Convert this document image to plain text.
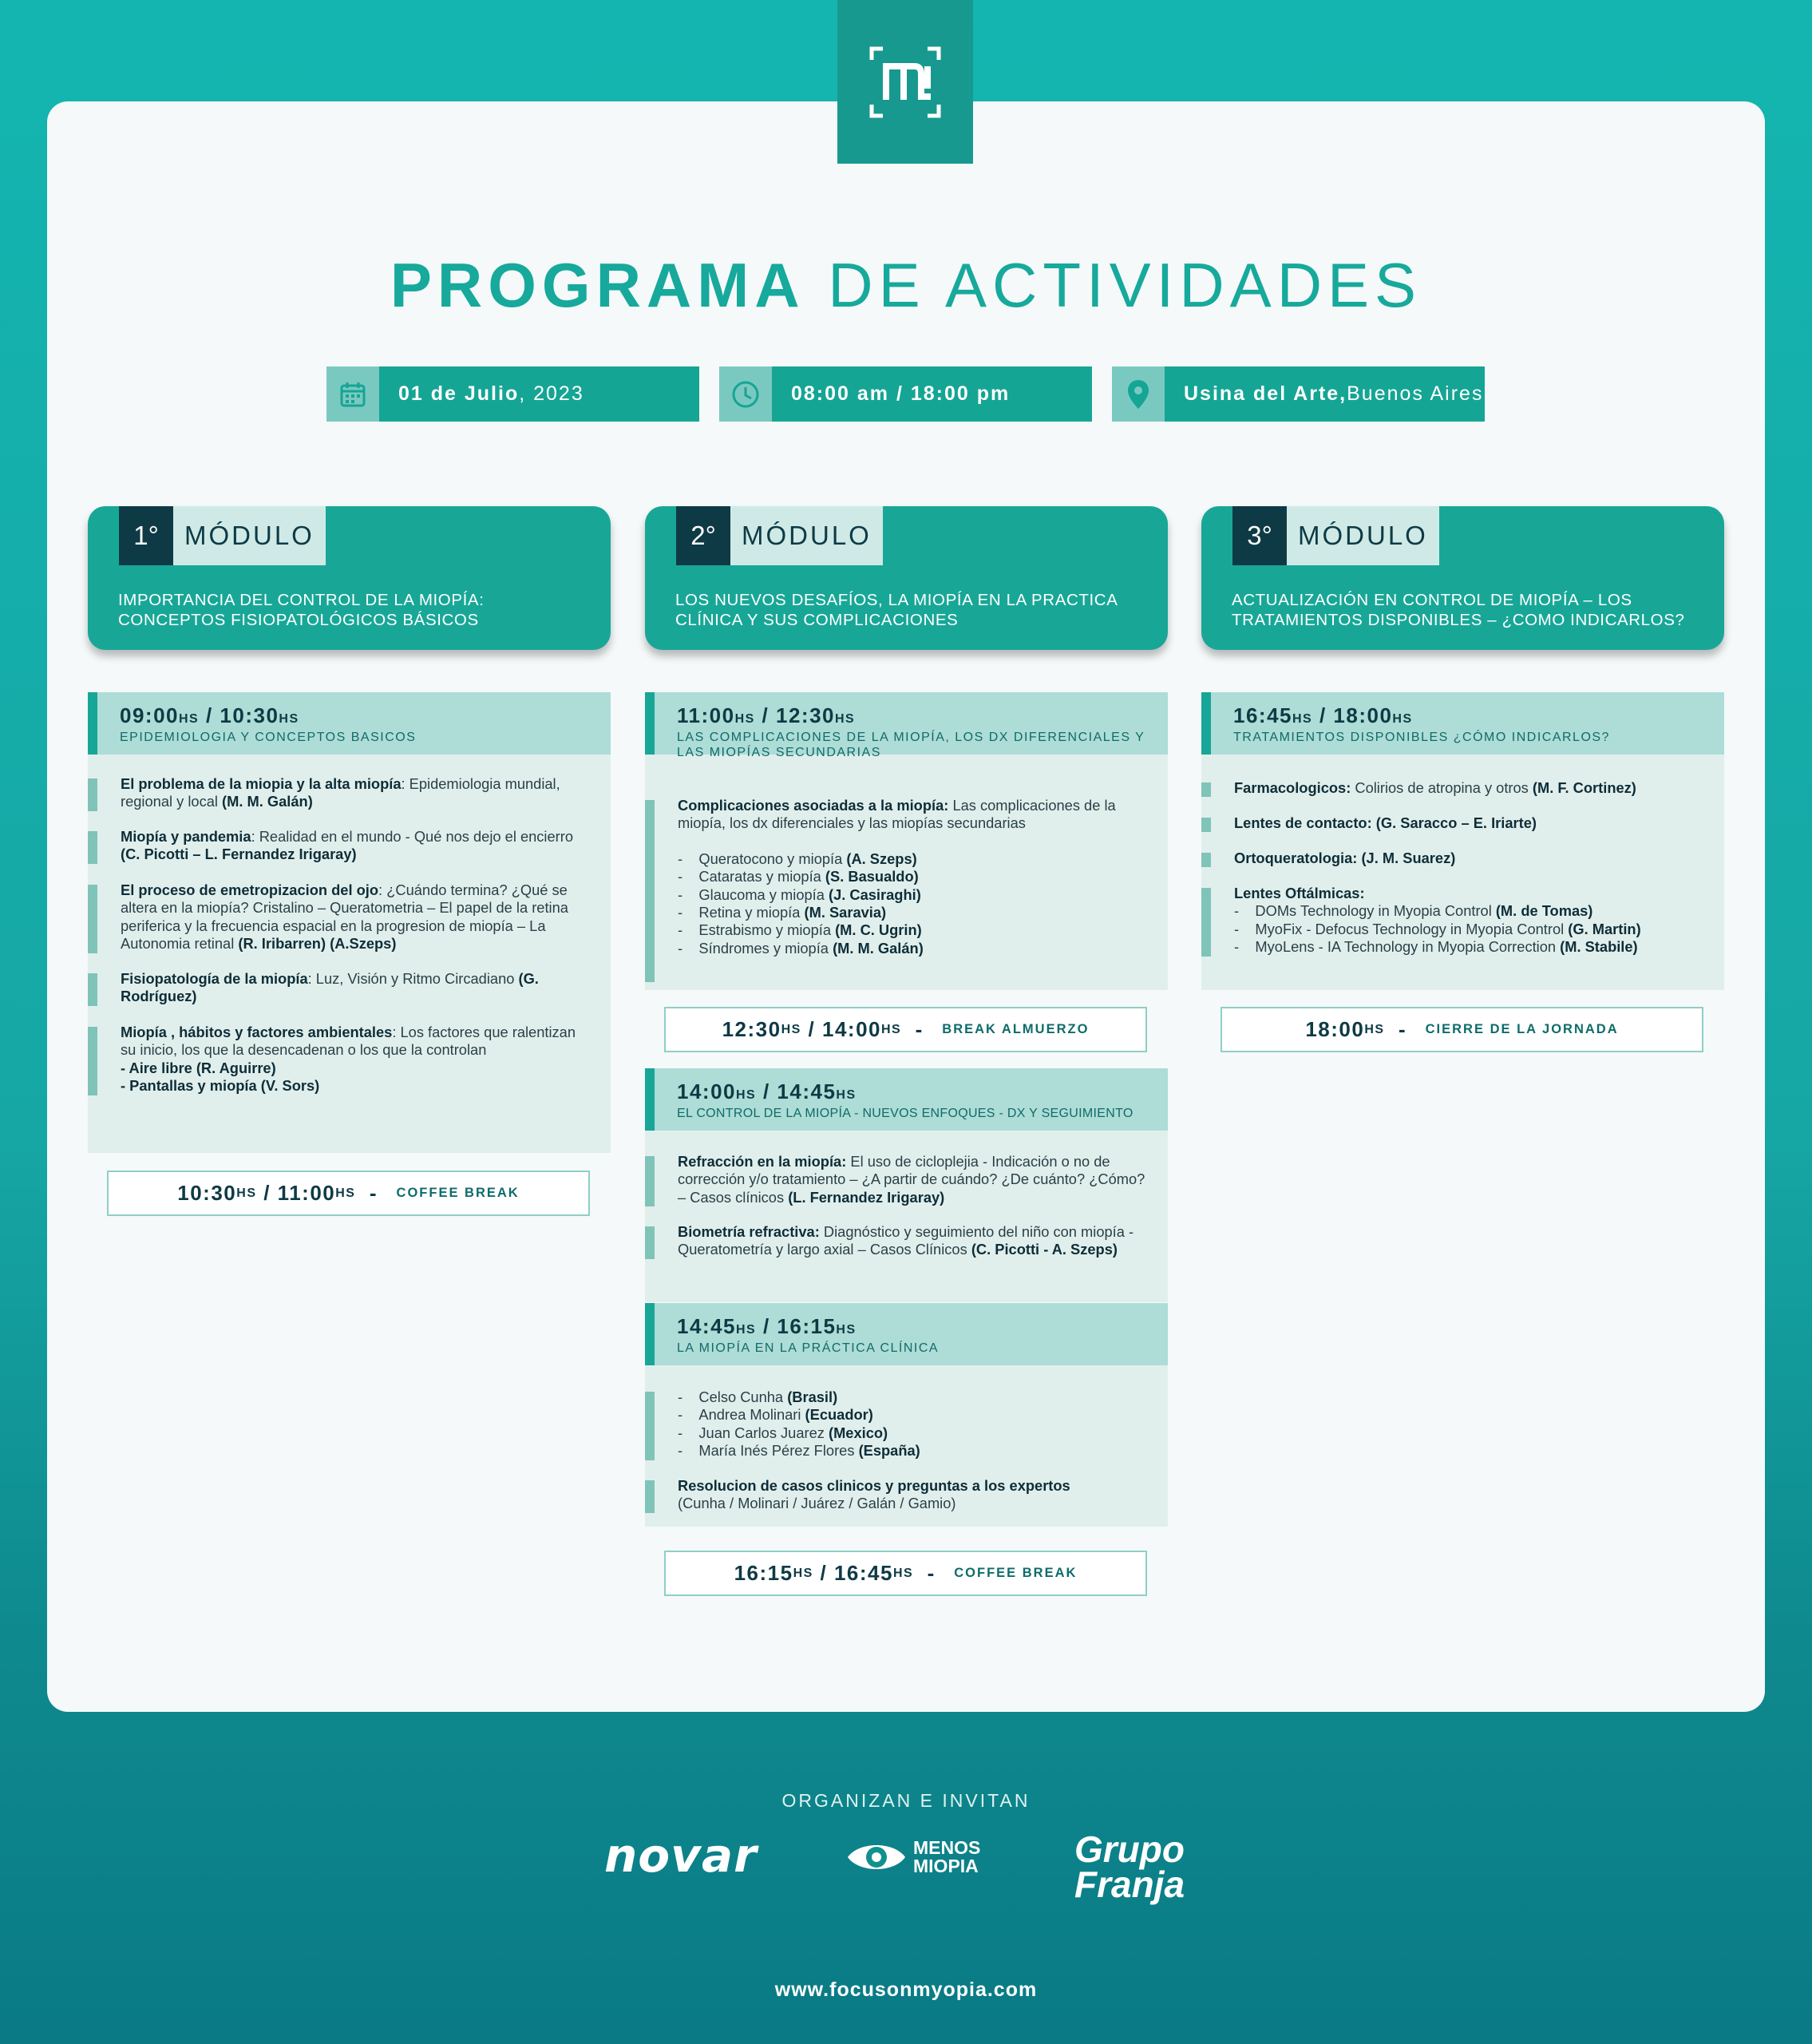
PROGRAMA DE ACTIVIDADES
01 de Julio , 2023	08:00 am / 18:00 pm	Usina del Arte, Buenos Aires
1° MÓDULO
IMPORTANCIA DEL CONTROL DE LA MIOPÍA: CONCEPTOS FISIOPATOLÓGICOS BÁSICOS
2° MÓDULO
LOS NUEVOS DESAFÍOS, LA MIOPÍA EN LA PRACTICA CLÍNICA Y SUS COMPLICACIONES
3° MÓDULO
ACTUALIZACIÓN EN CONTROL DE MIOPÍA – LOS TRATAMIENTOS DISPONIBLES – ¿COMO INDICARLOS?
09:00HS / 10:30HS
EPIDEMIOLOGIA Y CONCEPTOS BASICOS
El problema de la miopia y la alta miopía: Epidemiologia mundial, regional y local (M. M. Galán)
Miopía y pandemia: Realidad en el mundo - Qué nos dejo el encierro (C. Picotti – L. Fernandez Irigaray)
El proceso de emetropizacion del ojo: ¿Cuándo termina? ¿Qué se altera en la miopía? Cristalino – Queratometria – El papel de la retina periferica y la frecuencia espacial en la progresion de miopía – La Autonomia retinal (R. Iribarren) (A.Szeps)
Fisiopatología de la miopía: Luz, Visión y Ritmo Circadiano (G. Rodríguez)
Miopía , hábitos y factores ambientales: Los factores que ralentizan su inicio, los que la desencadenan o los que la controlan
- Aire libre (R. Aguirre)
- Pantallas y miopía (V. Sors)
10:30 HS / 11:00 HS - COFFEE BREAK
11:00HS / 12:30HS
LAS COMPLICACIONES DE LA MIOPÍA, LOS DX DIFERENCIALES Y LAS MIOPÍAS SECUNDARIAS
Complicaciones asociadas a la miopía: Las complicaciones de la miopía, los dx diferenciales y las miopías secundarias
-    Queratocono y miopía (A. Szeps)
-    Cataratas y miopía (S. Basualdo)
-    Glaucoma y miopía (J. Casiraghi)
-    Retina y miopía (M. Saravia)
-    Estrabismo y miopía (M. C. Ugrin)
-    Síndromes y miopía (M. M. Galán)
12:30 HS / 14:00 HS - BREAK ALMUERZO
14:00HS / 14:45HS
EL CONTROL DE LA MIOPÍA - NUEVOS ENFOQUES - DX Y SEGUIMIENTO
Refracción en la miopía: El uso de cicloplejia - Indicación o no de corrección y/o tratamiento – ¿A partir de cuándo? ¿De cuánto? ¿Cómo? – Casos clínicos (L. Fernandez Irigaray)
Biometría refractiva: Diagnóstico y seguimiento del niño con miopía - Queratometría y largo axial – Casos Clínicos (C. Picotti - A. Szeps)
14:45HS / 16:15HS
LA MIOPÍA EN LA PRÁCTICA CLÍNICA
-    Celso Cunha (Brasil)
-    Andrea Molinari (Ecuador)
-    Juan Carlos Juarez (Mexico)
-    María Inés Pérez Flores (España)
Resolucion de casos clinicos y preguntas a los expertos
(Cunha / Molinari / Juárez / Galán / Gamio)
16:15 HS / 16:45 HS - COFFEE BREAK
16:45HS / 18:00HS
TRATAMIENTOS DISPONIBLES ¿CÓMO INDICARLOS?
Farmacologicos: Colirios de atropina y otros (M. F. Cortinez)
Lentes de contacto: (G. Saracco – E. Iriarte)
Ortoqueratologia: (J. M. Suarez)
Lentes Oftálmicas:
-    DOMs Technology in Myopia Control (M. de Tomas)
-    MyoFix - Defocus Technology in Myopia Control (G. Martin)
-    MyoLens - IA Technology in Myopia Correction (M. Stabile)
18:00 HS - CIERRE DE LA JORNADA
ORGANIZAN E INVITAN
novar	MENOS MIOPIA	Grupo Franja
www.focusonmyopia.com
